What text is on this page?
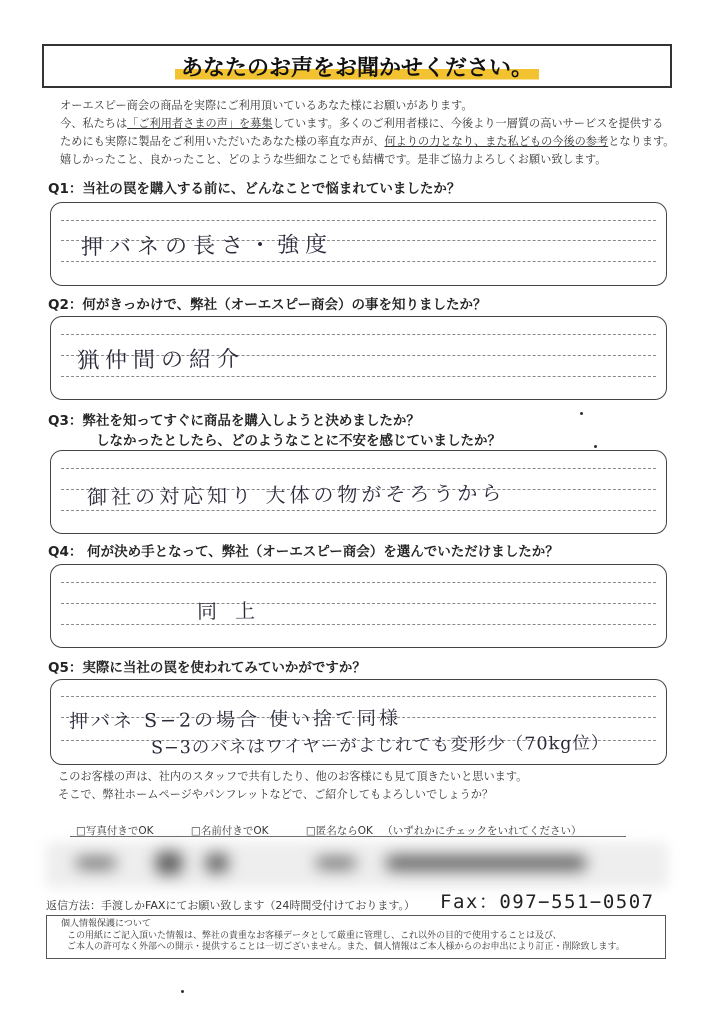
あなたのお声をお聞かせください。
オーエスピー商会の商品を実際にご利用頂いているあなた様にお願いがあります。
今、私たちは「ご利用者さまの声」を募集しています。多くのご利用者様に、今後より一層質の高いサービスを提供する
ためにも実際に製品をご利用いただいたあなた様の率直な声が、何よりの力となり、また私どもの今後の参考となります。
嬉しかったこと、良かったこと、どのような些細なことでも結構です。是非ご協力よろしくお願い致します。
Q1：当社の罠を購入する前に、どんなことで悩まれていましたか？
押バネの長さ・強度
Q2：何がきっかけで、弊社（オーエスピー商会）の事を知りましたか？
猟仲間の紹介
Q3：弊社を知ってすぐに商品を購入しようと決めましたか？
しなかったとしたら、どのようなことに不安を感じていましたか？
御社の対応知り 大体の物がそろうから
Q4： 何が決め手となって、弊社（オーエスピー商会）を選んでいただけましたか？
同上
Q5：実際に当社の罠を使われてみていかがですか？
押バネ S−2の場合 使い捨て同様
S−3のバネはワイヤーがよじれても変形少（70kg位）
このお客様の声は、社内のスタッフで共有したり、他のお客様にも見て頂きたいと思います。
そこで、弊社ホームページやパンフレットなどで、ご紹介してもよろしいでしょうか？
□写真付きでOK	□名前付きでOK	□匿名ならOK （いずれかにチェックをいれてください）
返信方法：手渡しかFAXにてお願い致します（24時間受付けております。） Fax：097−551−0507
個人情報保護について
この用紙にご記入頂いた情報は、弊社の貴重なお客様データとして厳重に管理し、これ以外の目的で使用することは及び、
ご本人の許可なく外部への開示・提供することは一切ございません。また、個人情報はご本人様からのお申出により訂正・削除致します。
